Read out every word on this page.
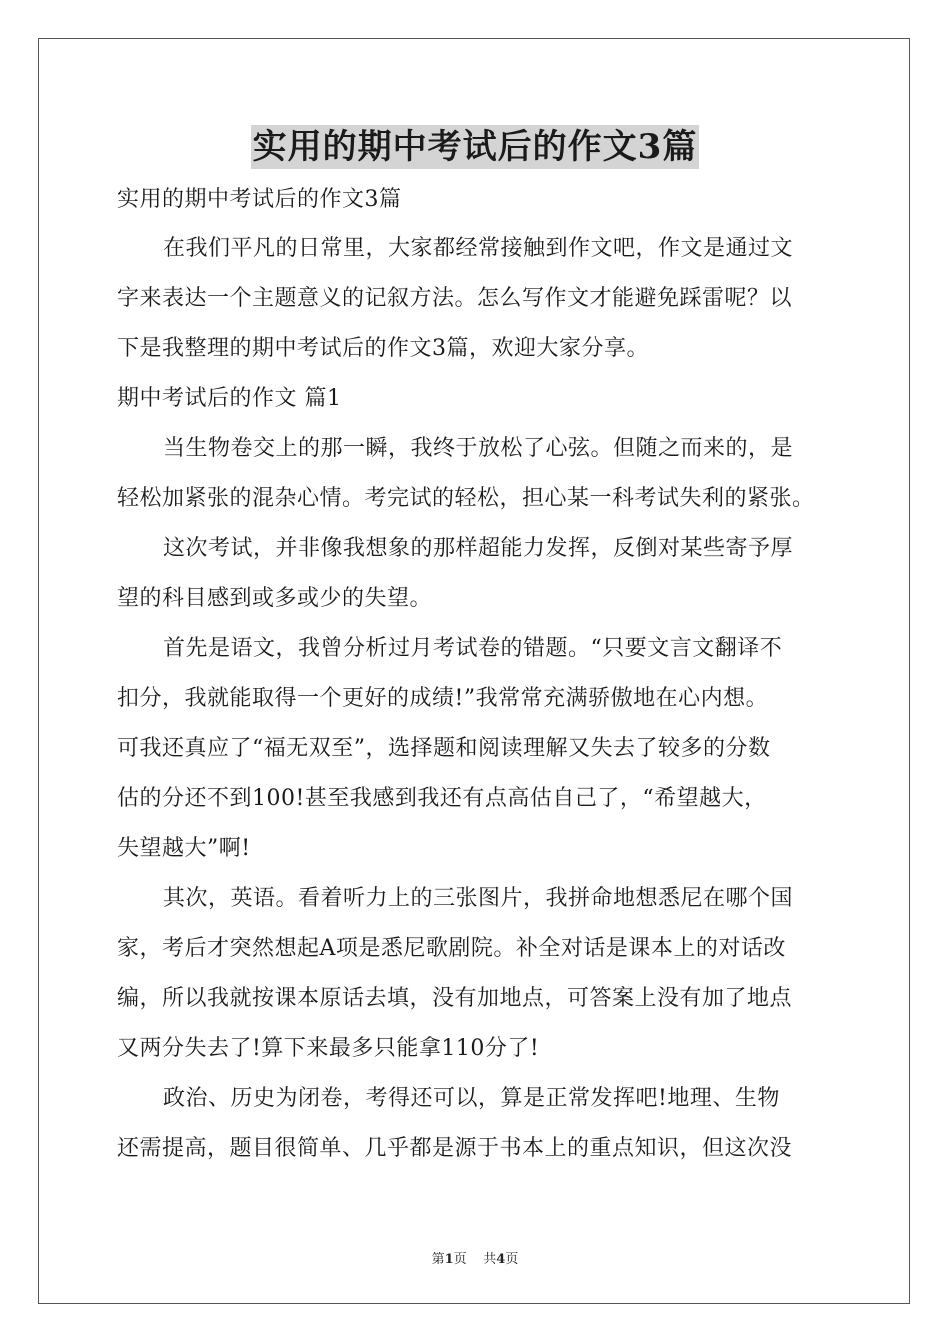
实用的期中考试后的作文3篇
实用的期中考试后的作文3篇
在我们平凡的日常里，大家都经常接触到作文吧，作文是通过文
字来表达一个主题意义的记叙方法。怎么写作文才能避免踩雷呢？以
下是我整理的期中考试后的作文3篇，欢迎大家分享。
期中考试后的作文 篇1
当生物卷交上的那一瞬，我终于放松了心弦。但随之而来的，是
轻松加紧张的混杂心情。考完试的轻松，担心某一科考试失利的紧张。
这次考试，并非像我想象的那样超能力发挥，反倒对某些寄予厚
望的科目感到或多或少的失望。
首先是语文，我曾分析过月考试卷的错题。“只要文言文翻译不
扣分，我就能取得一个更好的成绩!”我常常充满骄傲地在心内想。
可我还真应了“福无双至”，选择题和阅读理解又失去了较多的分数
估的分还不到100!甚至我感到我还有点高估自己了，“希望越大，
失望越大”啊!
其次，英语。看着听力上的三张图片，我拼命地想悉尼在哪个国
家，考后才突然想起A项是悉尼歌剧院。补全对话是课本上的对话改
编，所以我就按课本原话去填，没有加地点，可答案上没有加了地点
又两分失去了!算下来最多只能拿110分了!
政治、历史为闭卷，考得还可以，算是正常发挥吧!地理、生物
还需提高，题目很简单、几乎都是源于书本上的重点知识，但这次没
第1页 共4页
